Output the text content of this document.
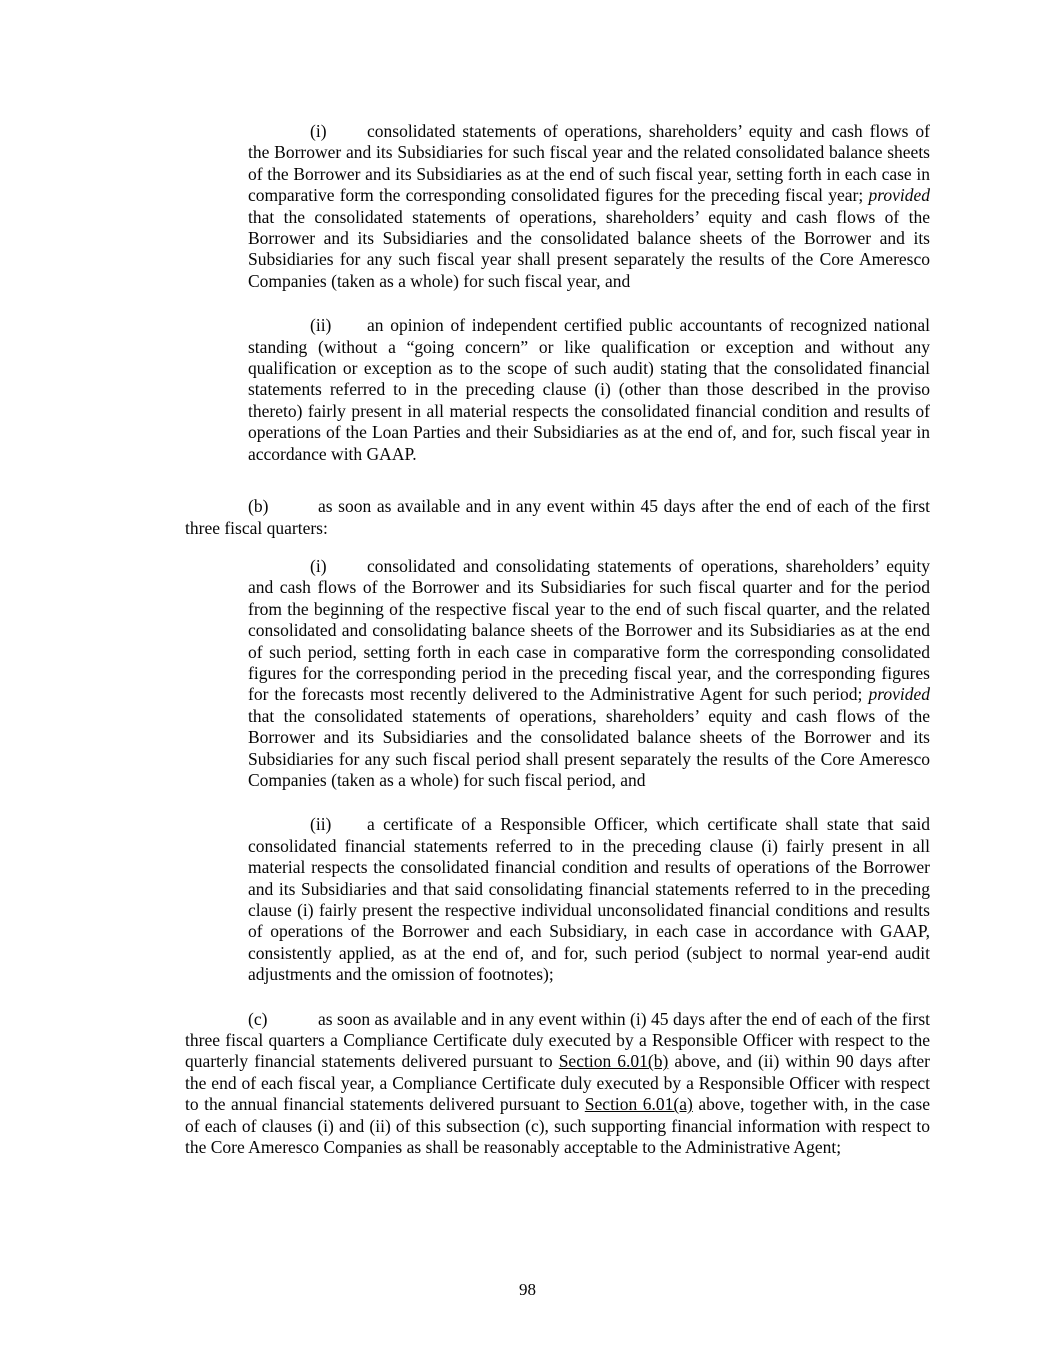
(i) consolidated statements of operations, shareholders’ equity and cash flows of the Borrower and its Subsidiaries for such fiscal year and the related consolidated balance sheets of the Borrower and its Subsidiaries as at the end of such fiscal year, setting forth in each case in comparative form the corresponding consolidated figures for the preceding fiscal year; provided that the consolidated statements of operations, shareholders’ equity and cash flows of the Borrower and its Subsidiaries and the consolidated balance sheets of the Borrower and its Subsidiaries for any such fiscal year shall present separately the results of the Core Ameresco Companies (taken as a whole) for such fiscal year, and
(ii) an opinion of independent certified public accountants of recognized national standing (without a “going concern” or like qualification or exception and without any qualification or exception as to the scope of such audit) stating that the consolidated financial statements referred to in the preceding clause (i) (other than those described in the proviso thereto) fairly present in all material respects the consolidated financial condition and results of operations of the Loan Parties and their Subsidiaries as at the end of, and for, such fiscal year in accordance with GAAP.
(b)	as soon as available and in any event within 45 days after the end of each of the first three fiscal quarters:
(i) consolidated and consolidating statements of operations, shareholders’ equity and cash flows of the Borrower and its Subsidiaries for such fiscal quarter and for the period from the beginning of the respective fiscal year to the end of such fiscal quarter, and the related consolidated and consolidating balance sheets of the Borrower and its Subsidiaries as at the end of such period, setting forth in each case in comparative form the corresponding consolidated figures for the corresponding period in the preceding fiscal year, and the corresponding figures for the forecasts most recently delivered to the Administrative Agent for such period; provided that the consolidated statements of operations, shareholders’ equity and cash flows of the Borrower and its Subsidiaries and the consolidated balance sheets of the Borrower and its Subsidiaries for any such fiscal period shall present separately the results of the Core Ameresco Companies (taken as a whole) for such fiscal period, and
(ii) a certificate of a Responsible Officer, which certificate shall state that said consolidated financial statements referred to in the preceding clause (i) fairly present in all material respects the consolidated financial condition and results of operations of the Borrower and its Subsidiaries and that said consolidating financial statements referred to in the preceding clause (i) fairly present the respective individual unconsolidated financial conditions and results of operations of the Borrower and each Subsidiary, in each case in accordance with GAAP, consistently applied, as at the end of, and for, such period (subject to normal year-end audit adjustments and the omission of footnotes);
(c)	as soon as available and in any event within (i) 45 days after the end of each of the first three fiscal quarters a Compliance Certificate duly executed by a Responsible Officer with respect to the quarterly financial statements delivered pursuant to Section 6.01(b) above, and (ii) within 90 days after the end of each fiscal year, a Compliance Certificate duly executed by a Responsible Officer with respect to the annual financial statements delivered pursuant to Section 6.01(a) above, together with, in the case of each of clauses (i) and (ii) of this subsection (c), such supporting financial information with respect to the Core Ameresco Companies as shall be reasonably acceptable to the Administrative Agent;
98
